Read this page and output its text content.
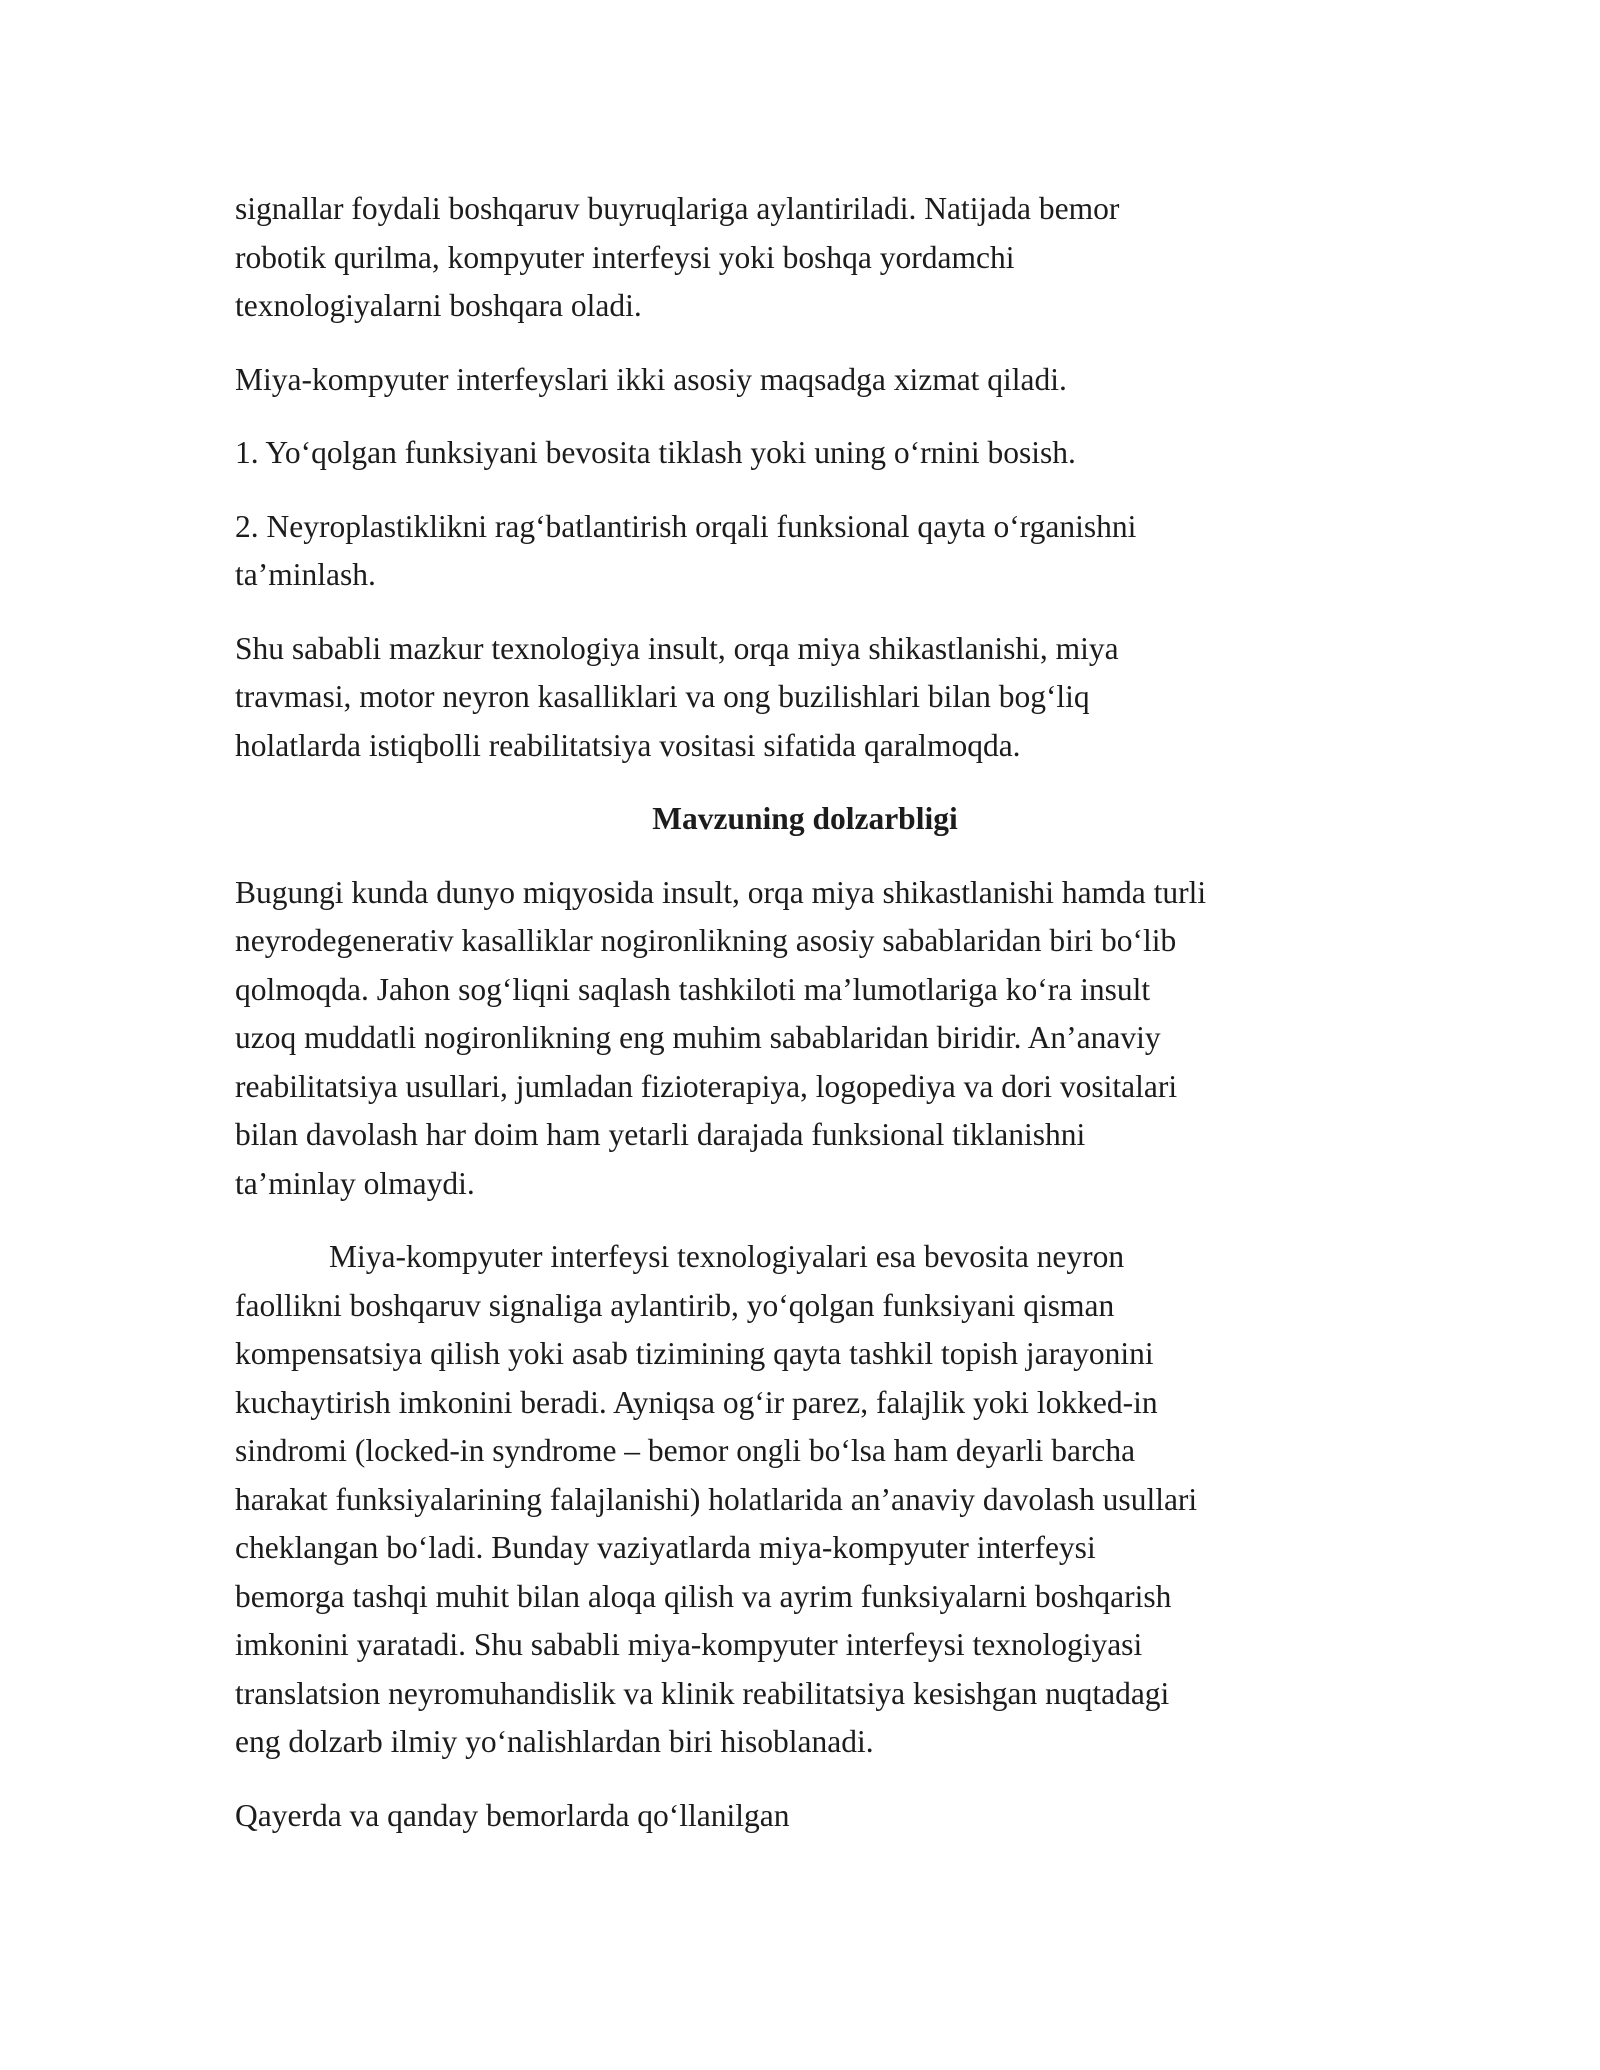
signallar foydali boshqaruv buyruqlariga aylantiriladi. Natijada bemor
robotik qurilma, kompyuter interfeysi yoki boshqa yordamchi
texnologiyalarni boshqara oladi.

Miya-kompyuter interfeyslari ikki asosiy maqsadga xizmat qiladi.

1. Yo‘qolgan funksiyani bevosita tiklash yoki uning o‘rnini bosish.

2. Neyroplastiklikni rag‘batlantirish orqali funksional qayta o‘rganishni
ta’minlash.

Shu sababli mazkur texnologiya insult, orqa miya shikastlanishi, miya
travmasi, motor neyron kasalliklari va ong buzilishlari bilan bog‘liq
holatlarda istiqbolli reabilitatsiya vositasi sifatida qaralmoqda.

Mavzuning dolzarbligi

Bugungi kunda dunyo miqyosida insult, orqa miya shikastlanishi hamda turli
neyrodegenerativ kasalliklar nogironlikning asosiy sabablaridan biri bo‘lib
qolmoqda. Jahon sog‘liqni saqlash tashkiloti ma’lumotlariga ko‘ra insult
uzoq muddatli nogironlikning eng muhim sabablaridan biridir. An’anaviy
reabilitatsiya usullari, jumladan fizioterapiya, logopediya va dori vositalari
bilan davolash har doim ham yetarli darajada funksional tiklanishni
ta’minlay olmaydi.

Miya-kompyuter interfeysi texnologiyalari esa bevosita neyron
faollikni boshqaruv signaliga aylantirib, yo‘qolgan funksiyani qisman
kompensatsiya qilish yoki asab tizimining qayta tashkil topish jarayonini
kuchaytirish imkonini beradi. Ayniqsa og‘ir parez, falajlik yoki lokked-in
sindromi (locked-in syndrome – bemor ongli bo‘lsa ham deyarli barcha
harakat funksiyalarining falajlanishi) holatlarida an’anaviy davolash usullari
cheklangan bo‘ladi. Bunday vaziyatlarda miya-kompyuter interfeysi
bemorga tashqi muhit bilan aloqa qilish va ayrim funksiyalarni boshqarish
imkonini yaratadi. Shu sababli miya-kompyuter interfeysi texnologiyasi
translatsion neyromuhandislik va klinik reabilitatsiya kesishgan nuqtadagi
eng dolzarb ilmiy yo‘nalishlardan biri hisoblanadi.

Qayerda va qanday bemorlarda qo‘llanilgan
